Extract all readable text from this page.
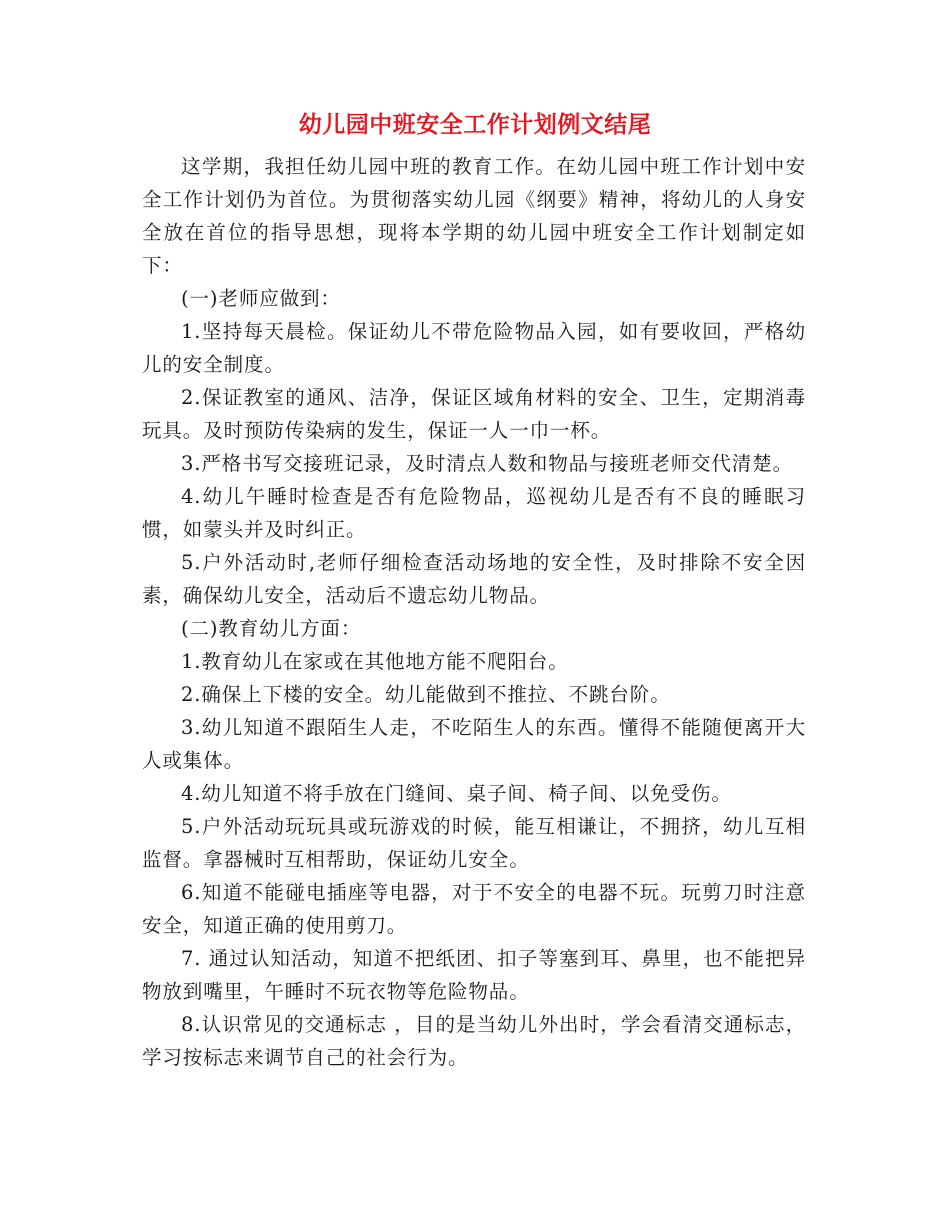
幼儿园中班安全工作计划例文结尾

这学期，我担任幼儿园中班的教育工作。在幼儿园中班工作计划中安全工作计划仍为首位。为贯彻落实幼儿园《纲要》精神，将幼儿的人身安全放在首位的指导思想，现将本学期的幼儿园中班安全工作计划制定如下：

(一)老师应做到：

1.坚持每天晨检。保证幼儿不带危险物品入园，如有要收回，严格幼儿的安全制度。

2.保证教室的通风、洁净，保证区域角材料的安全、卫生，定期消毒玩具。及时预防传染病的发生，保证一人一巾一杯。

3.严格书写交接班记录，及时清点人数和物品与接班老师交代清楚。

4.幼儿午睡时检查是否有危险物品，巡视幼儿是否有不良的睡眠习惯，如蒙头并及时纠正。

5.户外活动时,老师仔细检查活动场地的安全性，及时排除不安全因素，确保幼儿安全，活动后不遗忘幼儿物品。

(二)教育幼儿方面：

1.教育幼儿在家或在其他地方能不爬阳台。

2.确保上下楼的安全。幼儿能做到不推拉、不跳台阶。

3.幼儿知道不跟陌生人走，不吃陌生人的东西。懂得不能随便离开大人或集体。

4.幼儿知道不将手放在门缝间、桌子间、椅子间、以免受伤。

5.户外活动玩玩具或玩游戏的时候，能互相谦让，不拥挤，幼儿互相监督。拿器械时互相帮助，保证幼儿安全。

6.知道不能碰电插座等电器，对于不安全的电器不玩。玩剪刀时注意安全，知道正确的使用剪刀。

7. 通过认知活动，知道不把纸团、扣子等塞到耳、鼻里，也不能把异物放到嘴里，午睡时不玩衣物等危险物品。

8.认识常见的交通标志 ，目的是当幼儿外出时，学会看清交通标志，学习按标志来调节自己的社会行为。
